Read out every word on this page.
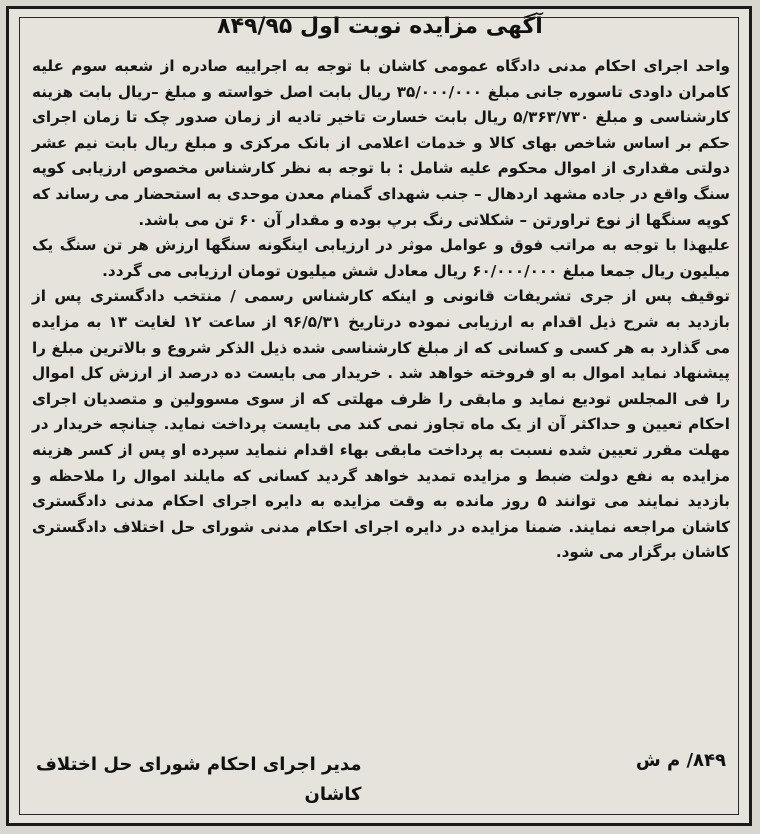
آگهی مزایده نوبت اول ۸۴۹/۹۵

واحد اجرای احکام مدنی دادگاه عمومی کاشان با توجه به اجراییه صادره از شعبه سوم علیه کامران داودی تاسوره جانی مبلغ ۳۵/۰۰۰/۰۰۰ ریال بابت اصل خواسته و مبلغ –ریال بابت هزینه کارشناسی و مبلغ ۵/۳۶۳/۷۳۰ ریال بابت خسارت تاخیر تادیه از زمان صدور چک تا زمان اجرای حکم بر اساس شاخص بهای کالا و خدمات اعلامی از بانک مرکزی و مبلغ ریال بابت نیم عشر دولتی مقداری از اموال محکوم علیه شامل : با توجه به نظر کارشناس مخصوص ارزیابی کوپه سنگ واقع در جاده مشهد اردهال – جنب شهدای گمنام معدن موحدی به استحضار می رساند که کوپه سنگها از نوع تراورتن – شکلاتی رنگ برپ بوده و مقدار آن ۶۰ تن می باشد.

علیهذا با توجه به مراتب فوق و عوامل موثر در ارزیابی اینگونه سنگها ارزش هر تن سنگ یک میلیون ریال جمعا مبلغ ۶۰/۰۰۰/۰۰۰ ریال معادل شش میلیون تومان ارزیابی می گردد.

توقیف پس از جری تشریفات قانونی و اینکه کارشناس رسمی / منتخب دادگستری پس از بازدید به شرح ذیل اقدام به ارزیابی نموده درتاریخ ۹۶/۵/۳۱ از ساعت ۱۲ لغایت ۱۳ به مزایده می گذارد به هر کسی و کسانی که از مبلغ کارشناسی شده ذیل الذکر شروع و بالاترین مبلغ را پیشنهاد نماید اموال به او فروخته خواهد شد . خریدار می بایست ده درصد از ارزش کل اموال را فی المجلس تودیع نماید و مابقی را ظرف مهلتی که از سوی مسوولین و متصدیان اجرای احکام تعیین و حداکثر آن از یک ماه تجاوز نمی کند می بایست پرداخت نماید. چنانچه خریدار در مهلت مقرر تعیین شده نسبت به پرداخت مابقی بهاء اقدام ننماید سپرده او پس از کسر هزینه مزایده به نفع دولت ضبط و مزایده تمدید خواهد گردید کسانی که مایلند اموال را ملاحظه و بازدید نمایند می توانند ۵ روز مانده به وقت مزایده به دایره اجرای احکام مدنی دادگستری کاشان مراجعه نمایند. ضمنا مزایده در دایره اجرای احکام مدنی شورای حل اختلاف دادگستری کاشان برگزار می شود.

۸۴۹/ م ش
مدیر اجرای احکام شورای حل اختلاف
کاشان
